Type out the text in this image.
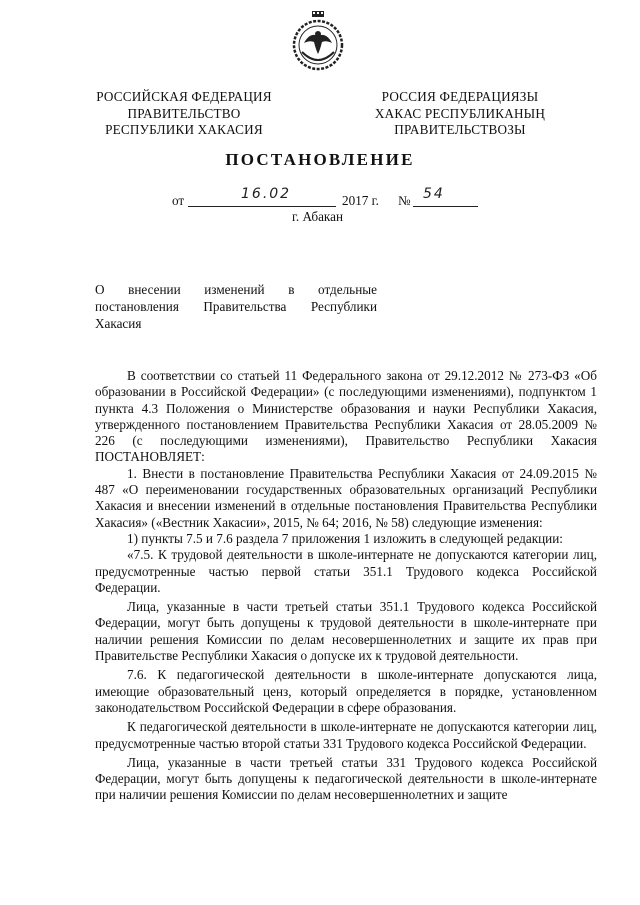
РОССИЙСКАЯ ФЕДЕРАЦИЯ
ПРАВИТЕЛЬСТВО
РЕСПУБЛИКИ ХАКАСИЯ
РОССИЯ ФЕДЕРАЦИЯЗЫ
ХАКАС РЕСПУБЛИКАНЫҢ
ПРАВИТЕЛЬСТВОЗЫ
ПОСТАНОВЛЕНИЕ
от	16.02	2017 г. № 54
г. Абакан
О внесении изменений в отдельные
постановления Правительства Республики
Хакасия

В соответствии со статьей 11 Федерального закона от 29.12.2012 № 273-ФЗ «Об образовании в Российской Федерации» (с последующими изменениями), подпунктом 1 пункта 4.3 Положения о Министерстве образования и науки Республики Хакасия, утвержденного постановлением Правительства Республики Хакасия от 28.05.2009 № 226 (с последующими изменениями), Правительство Республики Хакасия ПОСТАНОВЛЯЕТ:

1. Внести в постановление Правительства Республики Хакасия от 24.09.2015 № 487 «О переименовании государственных образовательных организаций Республики Хакасия и внесении изменений в отдельные постановления Правительства Республики Хакасия» («Вестник Хакасии», 2015, № 64; 2016, № 58) следующие изменения:

1) пункты 7.5 и 7.6 раздела 7 приложения 1 изложить в следующей редакции:

«7.5. К трудовой деятельности в школе-интернате не допускаются категории лиц, предусмотренные частью первой статьи 351.1 Трудового кодекса Российской Федерации.

Лица, указанные в части третьей статьи 351.1 Трудового кодекса Российской Федерации, могут быть допущены к трудовой деятельности в школе-интернате при наличии решения Комиссии по делам несовершеннолетних и защите их прав при Правительстве Республики Хакасия о допуске их к трудовой деятельности.

7.6. К педагогической деятельности в школе-интернате допускаются лица, имеющие образовательный ценз, который определяется в порядке, установленном законодательством Российской Федерации в сфере образования.

К педагогической деятельности в школе-интернате не допускаются категории лиц, предусмотренные частью второй статьи 331 Трудового кодекса Российской Федерации.

Лица, указанные в части третьей статьи 331 Трудового кодекса Российской Федерации, могут быть допущены к педагогической деятельности в школе-интернате при наличии решения Комиссии по делам несовершеннолетних и защите
